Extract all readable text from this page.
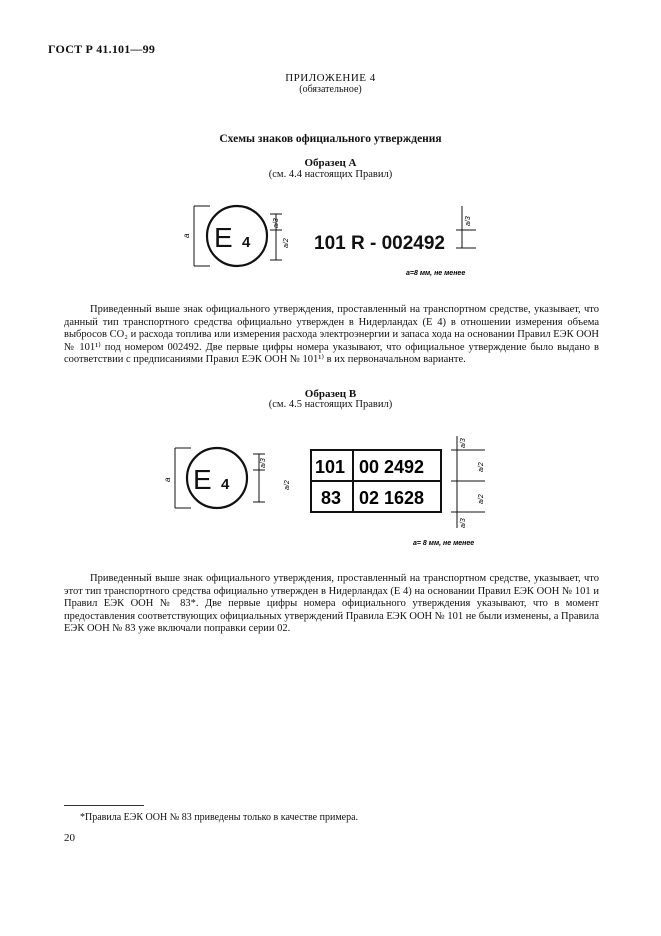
ГОСТ Р 41.101—99
ПРИЛОЖЕНИЕ 4
(обязательное)
Схемы знаков официального утверждения
Образец А
(см. 4.4 настоящих Правил)
a E 4
a/3
a/2 101 R - 002492
a/3
a=8 мм, не менее
Приведенный выше знак официального утверждения, проставленный на транспортном средстве, указывает, что данный тип транспортного средства официально утвержден в Нидерландах (Е 4) в отношении измерения объема выбросов CO₂ и расхода топлива или измерения расхода электроэнергии и запаса хода на основании Правил ЕЭК ООН № 101¹⁾ под номером 002492. Две первые цифры номера указывают, что официальное утверждение было выдано в соответствии с предписаниями Правил ЕЭК ООН № 101¹⁾ в их первоначальном варианте.
Образец В
(см. 4.5 настоящих Правил)
a E 4
a/3
a/2
101 00 2492
83 02 1628
a/3
a/2
a/2
a/3
a= 8 мм, не менее
Приведенный выше знак официального утверждения, проставленный на транспортном средстве, указывает, что этот тип транспортного средства официально утвержден в Нидерландах (Е 4) на основании Правил ЕЭК ООН № 101 и Правил ЕЭК ООН № 83*. Две первые цифры номера официального утверждения указывают, что в момент предоставления соответствующих официальных утверждений Правила ЕЭК ООН № 101 не были изменены, а Правила ЕЭК ООН № 83 уже включали поправки серии 02.
*Правила ЕЭК ООН № 83 приведены только в качестве примера.
20
